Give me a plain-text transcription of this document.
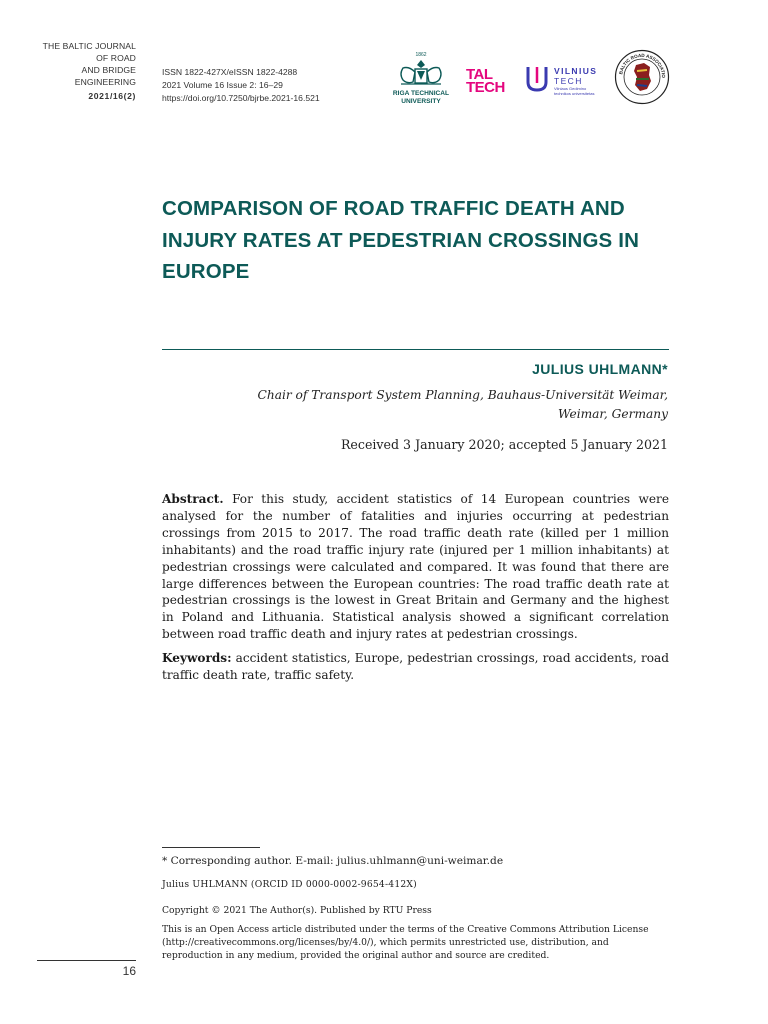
THE BALTIC JOURNAL
OF ROAD
AND BRIDGE
ENGINEERING
2021/16(2)
ISSN 1822-427X/eISSN 1822-4288
2021 Volume 16 Issue 2: 16–29
https://doi.org/10.7250/bjrbe.2021-16.521
1862
RIGA TECHNICAL
UNIVERSITY
TAL
TECH
VILNIUS
TECH
Vilniaus Gedimino
technikos universitetas
BALTIC ROAD ASSOCIATIO
COMPARISON OF ROAD TRAFFIC DEATH AND INJURY RATES AT PEDESTRIAN CROSSINGS IN EUROPE
JULIUS UHLMANN*
Chair of Transport System Planning, Bauhaus-Universität Weimar,
Weimar, Germany
Received 3 January 2020; accepted 5 January 2021

Abstract. For this study, accident statistics of 14 European countries were analysed for the number of fatalities and injuries occurring at pedestrian crossings from 2015 to 2017. The road traffic death rate (killed per 1 million inhabitants) and the road traffic injury rate (injured per 1 million inhabitants) at pedestrian crossings were calculated and compared. It was found that there are large differences between the European countries: The road traffic death rate at pedestrian crossings is the lowest in Great Britain and Germany and the highest in Poland and Lithuania. Statistical analysis showed a significant correlation between road traffic death and injury rates at pedestrian crossings.

Keywords: accident statistics, Europe, pedestrian crossings, road accidents, road traffic death rate, traffic safety.

* Corresponding author. E-mail: julius.uhlmann@uni-weimar.de
Julius UHLMANN (ORCID ID 0000-0002-9654-412X)
Copyright © 2021 The Author(s). Published by RTU Press
This is an Open Access article distributed under the terms of the Creative Commons Attribution License (http://creativecommons.org/licenses/by/4.0/), which permits unrestricted use, distribution, and reproduction in any medium, provided the original author and source are credited.
16
